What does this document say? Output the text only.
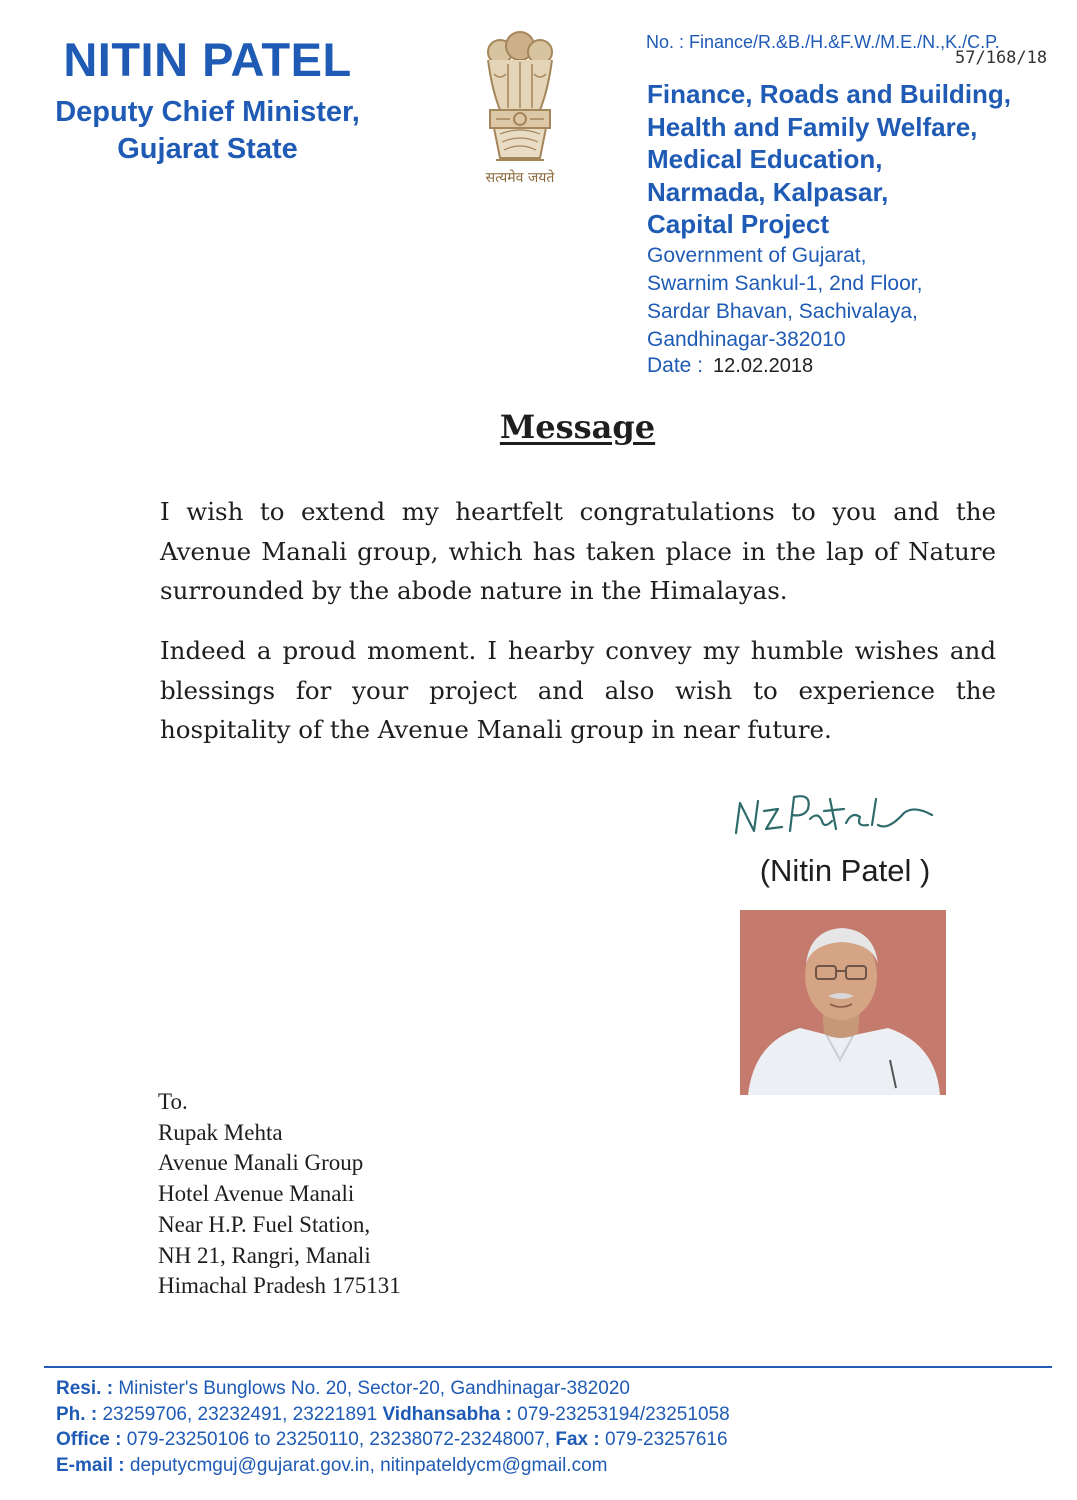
NITIN PATEL
Deputy Chief Minister,
Gujarat State
सत्यमेव जयते
No. : Finance/R.&B./H.&F.W./M.E./N.,K./C.P.
57/168/18
Finance, Roads and Building,
Health and Family Welfare,
Medical Education,
Narmada, Kalpasar,
Capital Project
Government of Gujarat,
Swarnim Sankul-1, 2nd Floor,
Sardar Bhavan, Sachivalaya,
Gandhinagar-382010
Date : 12.02.2018
Message
I wish to extend my heartfelt congratulations to you and the Avenue Manali group, which has taken place in the lap of Nature surrounded by the abode nature in the Himalayas.
Indeed a proud moment. I hearby convey my humble wishes and blessings for your project and also wish to experience the hospitality of the Avenue Manali group in near future.
(Nitin Patel )
To.
Rupak Mehta
Avenue Manali Group
Hotel Avenue Manali
Near H.P. Fuel Station,
NH 21, Rangri, Manali
Himachal Pradesh 175131
Resi. : Minister's Bunglows No. 20, Sector-20, Gandhinagar-382020
Ph. : 23259706, 23232491, 23221891 Vidhansabha : 079-23253194/23251058
Office : 079-23250106 to 23250110, 23238072-23248007, Fax : 079-23257616
E-mail : deputycmguj@gujarat.gov.in, nitinpateldycm@gmail.com
